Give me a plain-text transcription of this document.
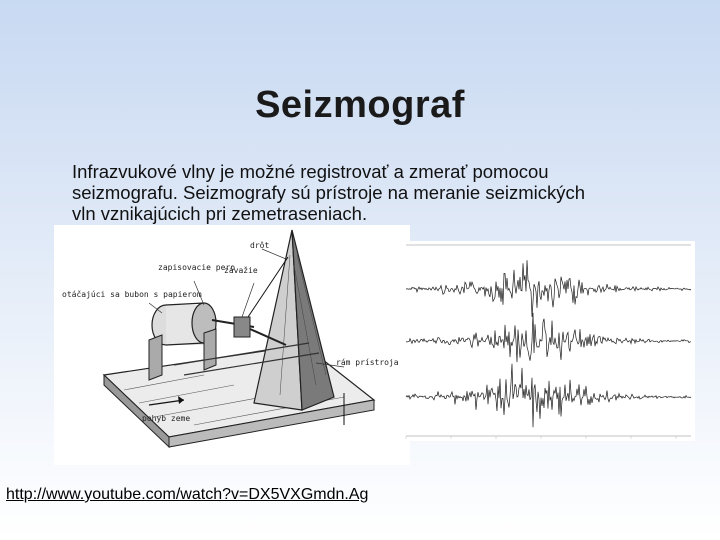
Seizmograf
Infrazvukové vlny je možné registrovať a zmerať pomocou
seizmografu. Seizmografy sú prístroje na meranie seizmických
vln vznikajúcich pri zemetraseniach.
drôt
zapisovacie pero
závažie
otáčajúci sa bubon s papierom
rám prístroja
pohyb zeme
http://www.youtube.com/watch?v=DX5VXGmdn.Ag
